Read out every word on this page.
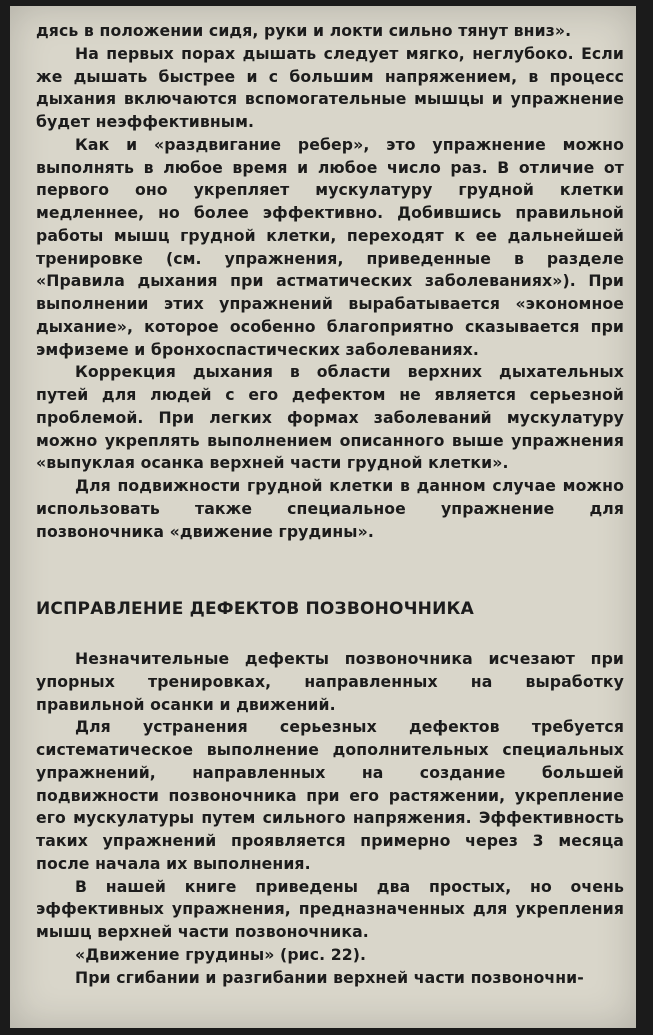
дясь в положении сидя, руки и локти сильно тянут вниз».

На первых порах дышать следует мягко, неглубоко. Если же дышать быстрее и с большим напряжением, в процесс дыхания включаются вспомогательные мышцы и упражнение будет неэффективным.

Как и «раздвигание ребер», это упражнение можно выполнять в любое время и любое число раз. В отличие от первого оно укрепляет мускулатуру грудной клетки медленнее, но более эффективно. Добившись правильной работы мышц грудной клетки, переходят к ее дальнейшей тренировке (см. упражнения, приведенные в разделе «Правила дыхания при астматических заболеваниях»). При выполнении этих упражнений вырабатывается «экономное дыхание», которое особенно благоприятно сказывается при эмфиземе и бронхоспастических заболеваниях.

Коррекция дыхания в области верхних дыхательных путей для людей с его дефектом не является серьезной проблемой. При легких формах заболеваний мускулатуру можно укреплять выполнением описанного выше упражнения «выпуклая осанка верхней части грудной клетки».

Для подвижности грудной клетки в данном случае можно использовать также специальное упражнение для позвоночника «движение грудины».

ИСПРАВЛЕНИЕ ДЕФЕКТОВ ПОЗВОНОЧНИКА

Незначительные дефекты позвоночника исчезают при упорных тренировках, направленных на выработку правильной осанки и движений.

Для устранения серьезных дефектов требуется систематическое выполнение дополнительных специальных упражнений, направленных на создание большей подвижности позвоночника при его растяжении, укрепление его мускулатуры путем сильного напряжения. Эффективность таких упражнений проявляется примерно через 3 месяца после начала их выполнения.

В нашей книге приведены два простых, но очень эффективных упражнения, предназначенных для укрепления мышц верхней части позвоночника.

«Движение грудины» (рис. 22).

При сгибании и разгибании верхней части позвоночни-
